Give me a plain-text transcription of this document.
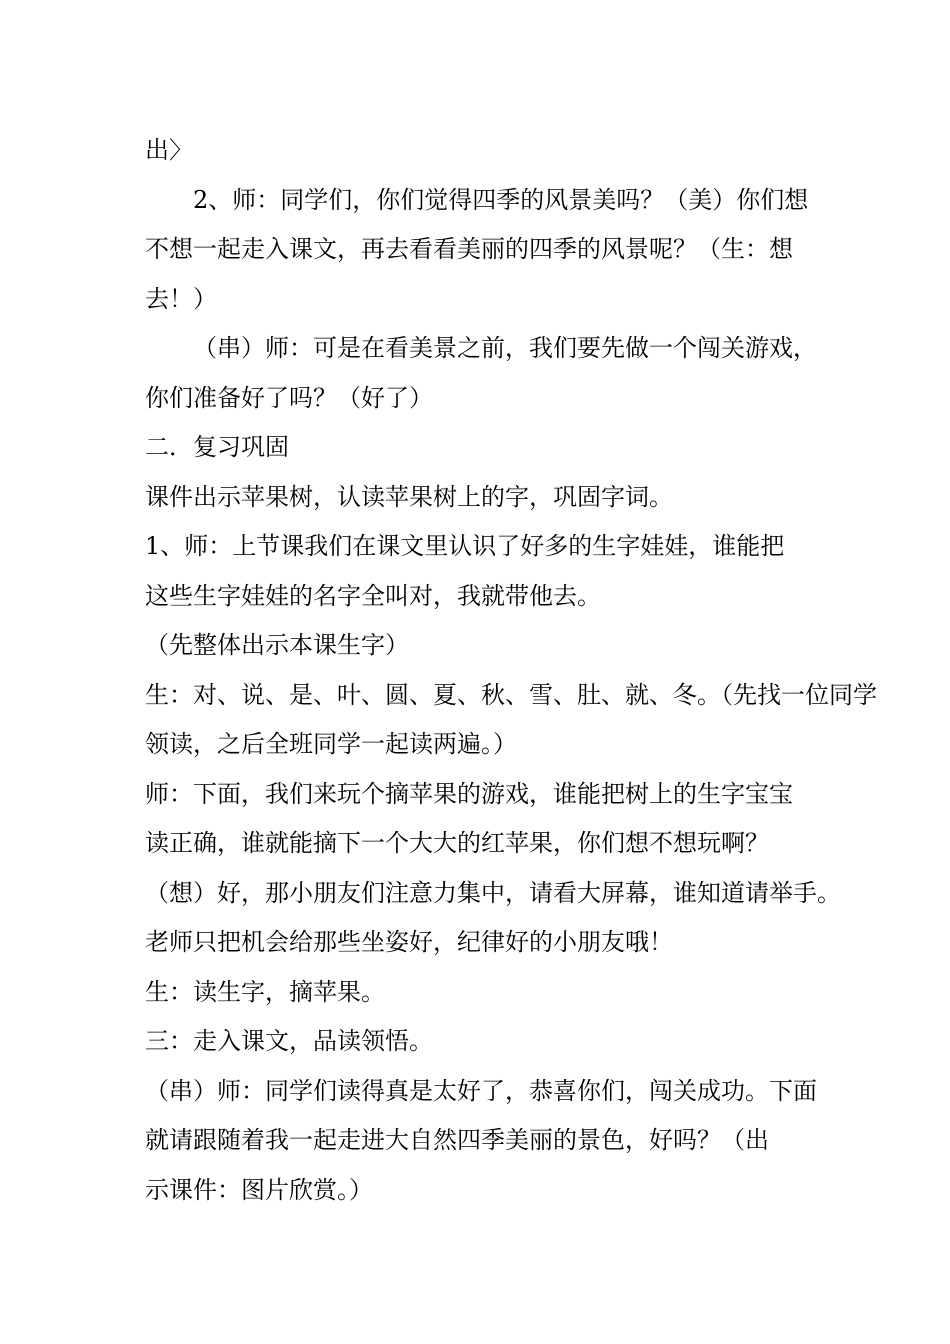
出〉
2、师：同学们，你们觉得四季的风景美吗？（美）你们想
不想一起走入课文，再去看看美丽的四季的风景呢？（生：想
去！）
（串）师：可是在看美景之前，我们要先做一个闯关游戏，
你们准备好了吗？（好了）
二．复习巩固
课件出示苹果树，认读苹果树上的字，巩固字词。
1、师：上节课我们在课文里认识了好多的生字娃娃，谁能把
这些生字娃娃的名字全叫对，我就带他去。
（先整体出示本课生字）
生：对、说、是、叶、圆、夏、秋、雪、肚、就、冬。（先找一位同学
领读，之后全班同学一起读两遍。）
师：下面，我们来玩个摘苹果的游戏，谁能把树上的生字宝宝
读正确，谁就能摘下一个大大的红苹果，你们想不想玩啊？
（想）好，那小朋友们注意力集中，请看大屏幕，谁知道请举手。
老师只把机会给那些坐姿好，纪律好的小朋友哦！
生：读生字，摘苹果。
三：走入课文，品读领悟。
（串）师：同学们读得真是太好了，恭喜你们，闯关成功。下面
就请跟随着我一起走进大自然四季美丽的景色，好吗？（出
示课件：图片欣赏。）
